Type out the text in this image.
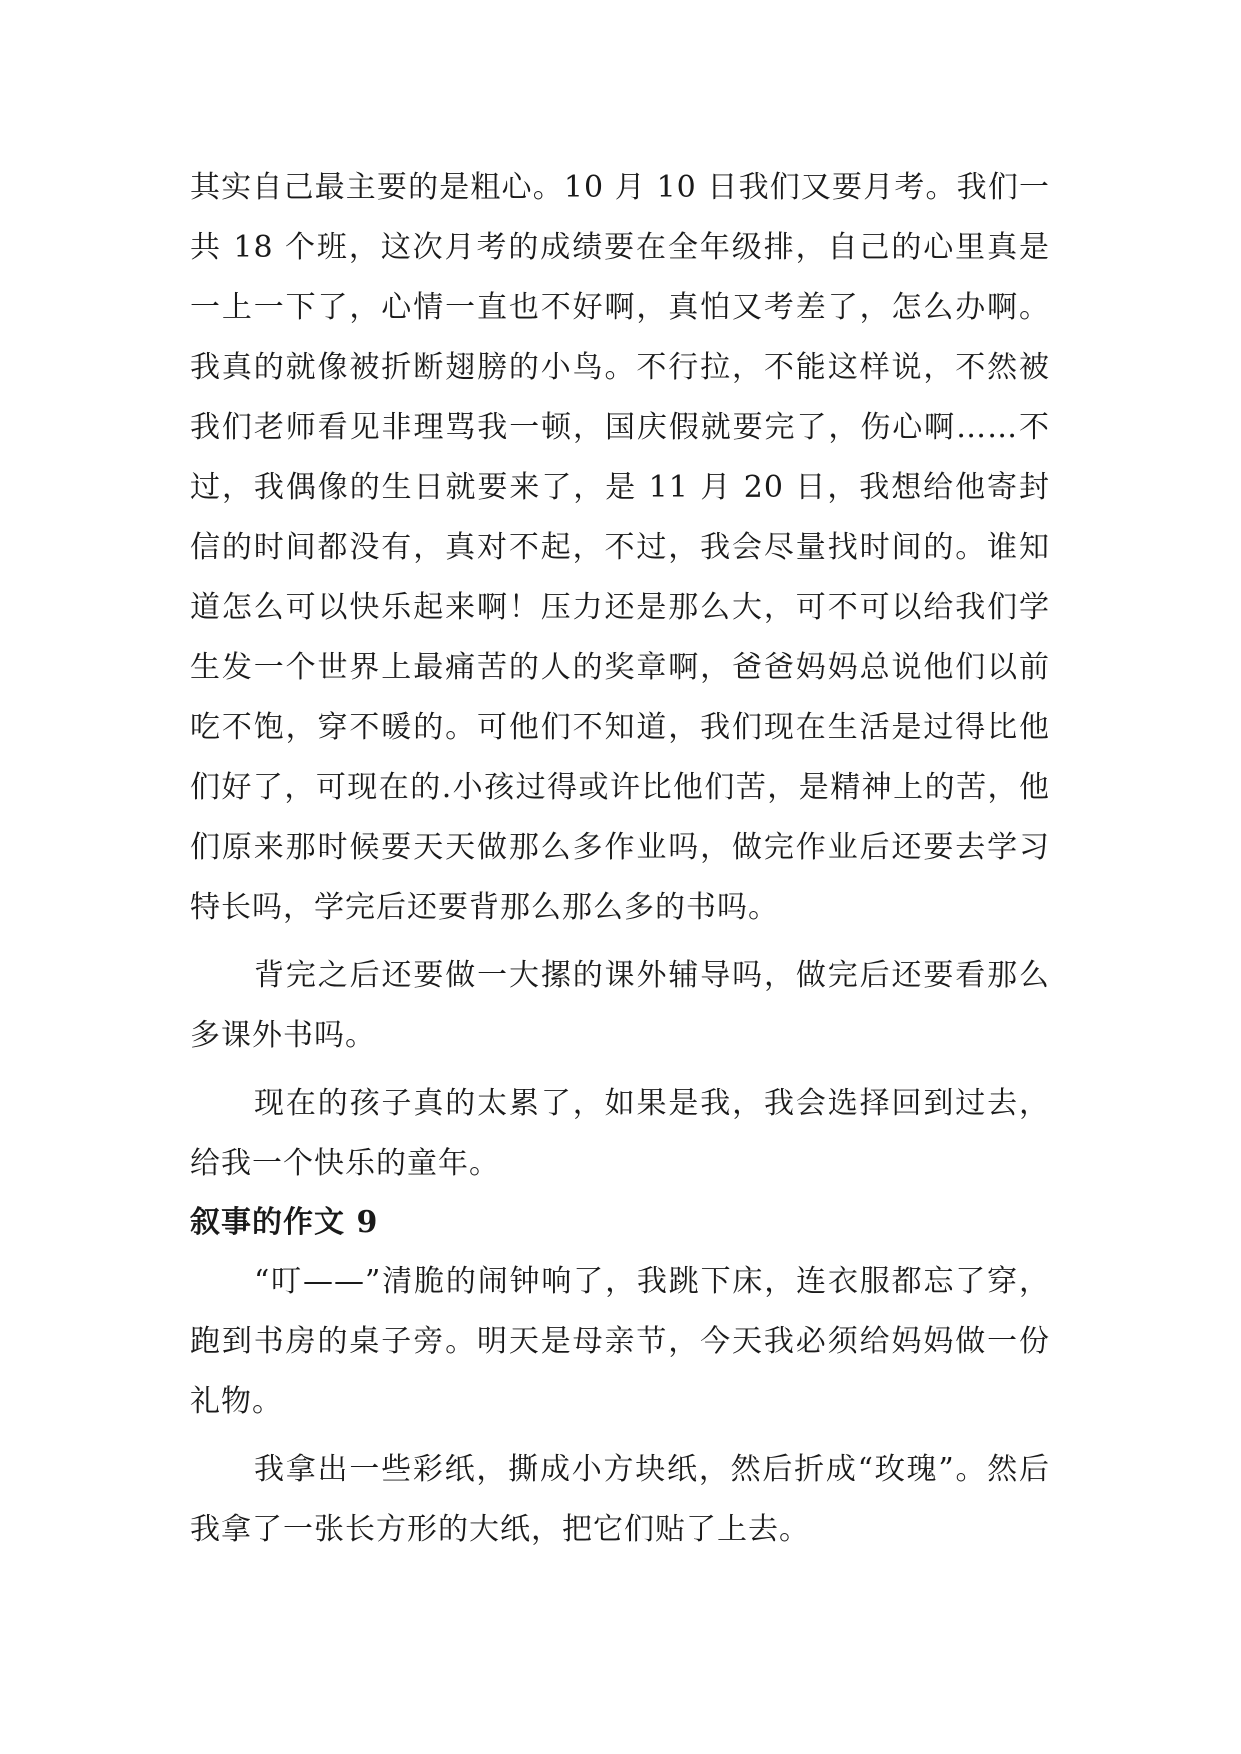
其实自己最主要的是粗心。10 月 10 日我们又要月考。我们一共 18 个班，这次月考的成绩要在全年级排，自己的心里真是一上一下了，心情一直也不好啊，真怕又考差了，怎么办啊。我真的就像被折断翅膀的小鸟。不行拉，不能这样说，不然被我们老师看见非理骂我一顿，国庆假就要完了，伤心啊……不过，我偶像的生日就要来了，是 11 月 20 日，我想给他寄封信的时间都没有，真对不起，不过，我会尽量找时间的。谁知道怎么可以快乐起来啊！压力还是那么大，可不可以给我们学生发一个世界上最痛苦的人的奖章啊，爸爸妈妈总说他们以前吃不饱，穿不暖的。可他们不知道，我们现在生活是过得比他们好了，可现在的.小孩过得或许比他们苦，是精神上的苦，他们原来那时候要天天做那么多作业吗，做完作业后还要去学习特长吗，学完后还要背那么那么多的书吗。

背完之后还要做一大摞的课外辅导吗，做完后还要看那么多课外书吗。

现在的孩子真的太累了，如果是我，我会选择回到过去，给我一个快乐的童年。

叙事的作文 9

“叮——”清脆的闹钟响了，我跳下床，连衣服都忘了穿，跑到书房的桌子旁。明天是母亲节，今天我必须给妈妈做一份礼物。

我拿出一些彩纸，撕成小方块纸，然后折成“玫瑰”。然后我拿了一张长方形的大纸，把它们贴了上去。
